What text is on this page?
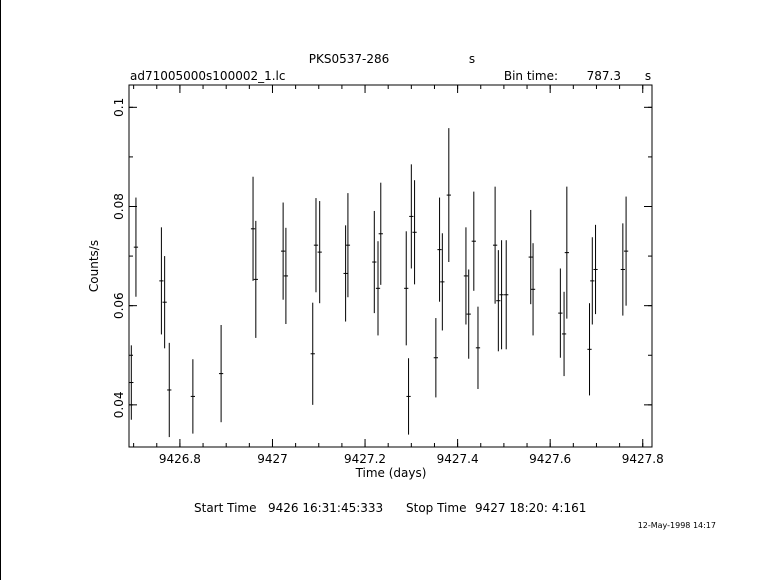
PKS0537-286	s
ad71005000s100002_1.lc	Bin time: 787.3 s
9426.8	9427	9427.2	9427.4	9427.6	9427.8
0.04
0.06
0.08
0.1
Time (days)
Counts/s
Start Time 9426 16:31:45:333 Stop Time 9427 18:20: 4:161
12-May-1998 14:17
